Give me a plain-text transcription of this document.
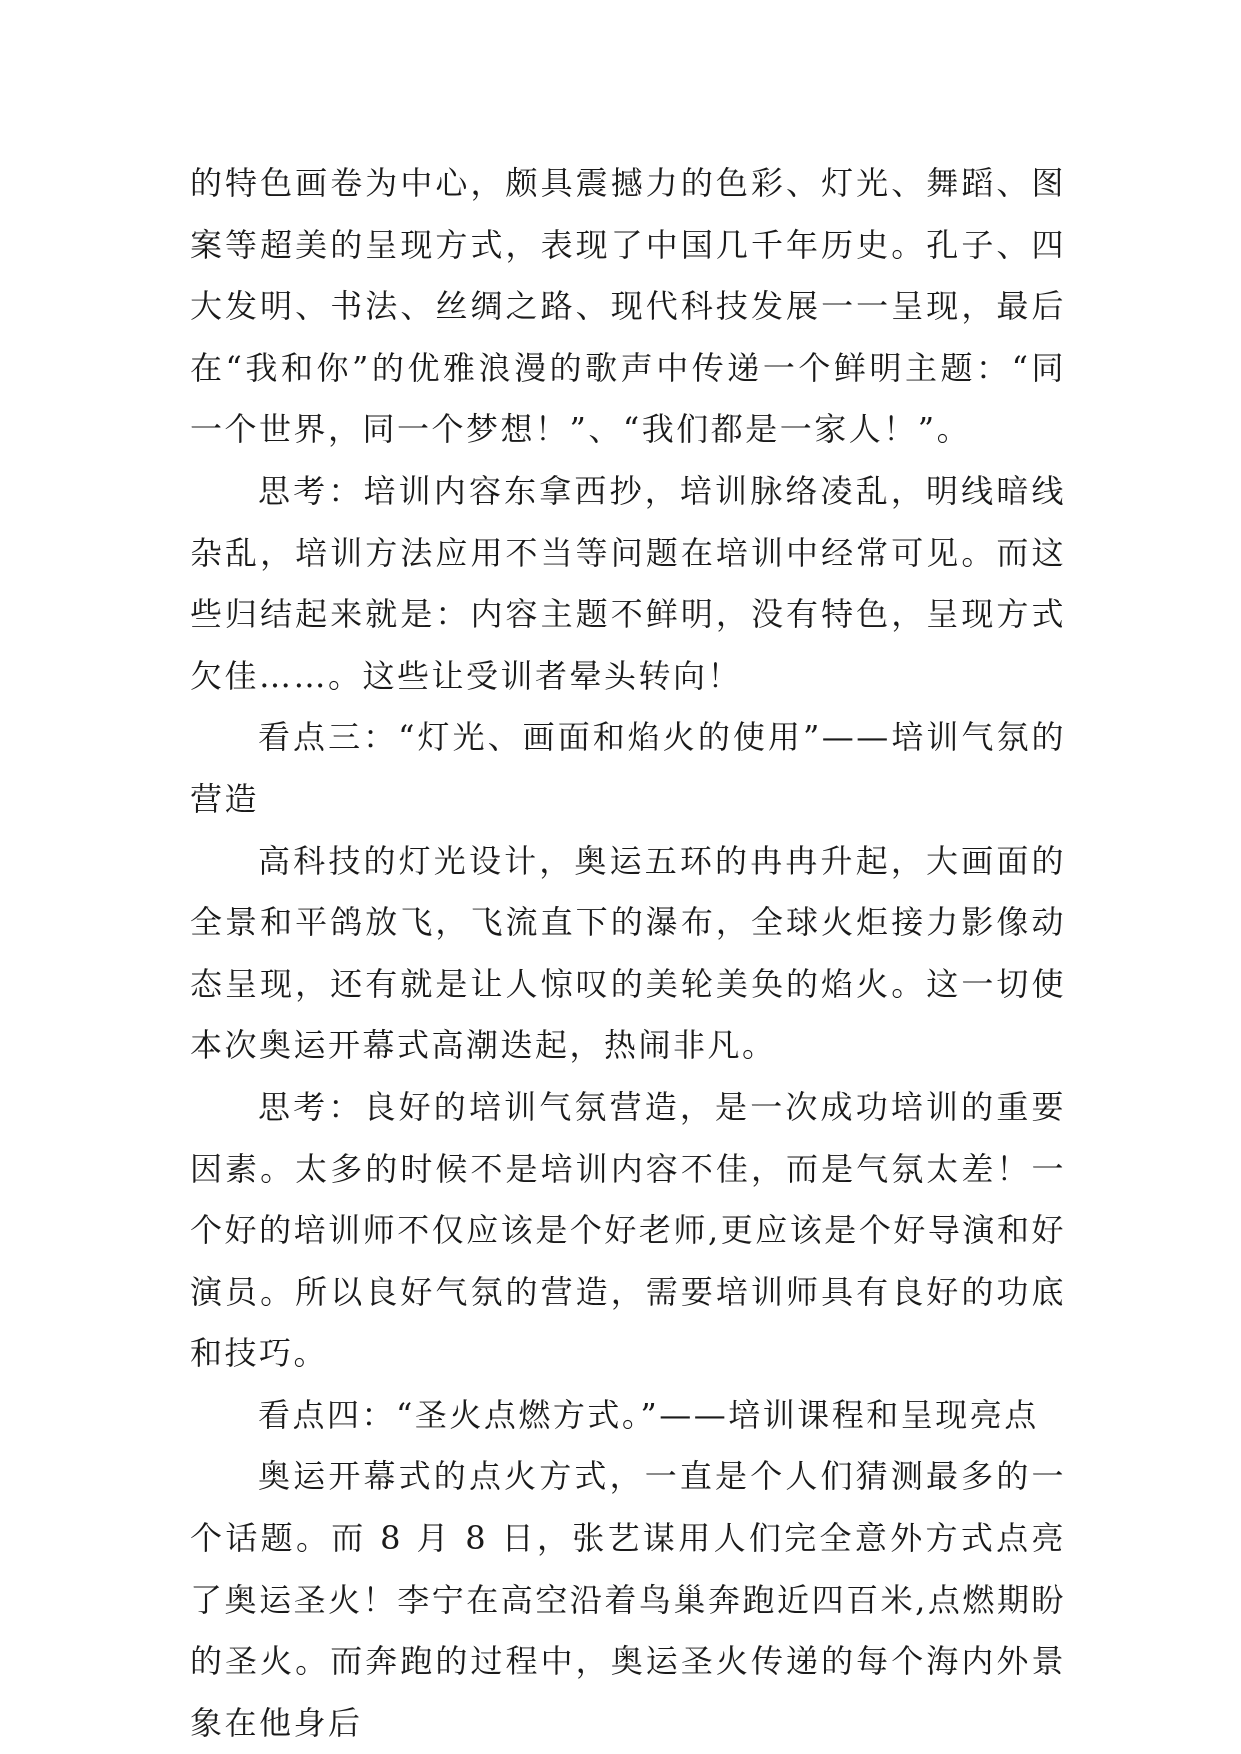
的特色画卷为中心，颇具震撼力的色彩、灯光、舞蹈、图案等超美的呈现方式，表现了中国几千年历史。孔子、四大发明、书法、丝绸之路、现代科技发展一一呈现，最后在“我和你”的优雅浪漫的歌声中传递一个鲜明主题：“同一个世界，同一个梦想！”、“我们都是一家人！”。

思考：培训内容东拿西抄，培训脉络凌乱，明线暗线杂乱，培训方法应用不当等问题在培训中经常可见。而这些归结起来就是：内容主题不鲜明，没有特色，呈现方式欠佳……。这些让受训者晕头转向！

看点三：“灯光、画面和焰火的使用”——培训气氛的营造

高科技的灯光设计，奥运五环的冉冉升起，大画面的全景和平鸽放飞，飞流直下的瀑布，全球火炬接力影像动态呈现，还有就是让人惊叹的美轮美奂的焰火。这一切使本次奥运开幕式高潮迭起，热闹非凡。

思考：良好的培训气氛营造，是一次成功培训的重要因素。太多的时候不是培训内容不佳，而是气氛太差！一个好的培训师不仅应该是个好老师,更应该是个好导演和好演员。所以良好气氛的营造，需要培训师具有良好的功底和技巧。

看点四：“圣火点燃方式。”——培训课程和呈现亮点

奥运开幕式的点火方式，一直是个人们猜测最多的一个话题。而 8 月 8 日，张艺谋用人们完全意外方式点亮了奥运圣火！李宁在高空沿着鸟巢奔跑近四百米,点燃期盼的圣火。而奔跑的过程中，奥运圣火传递的每个海内外景象在他身后
